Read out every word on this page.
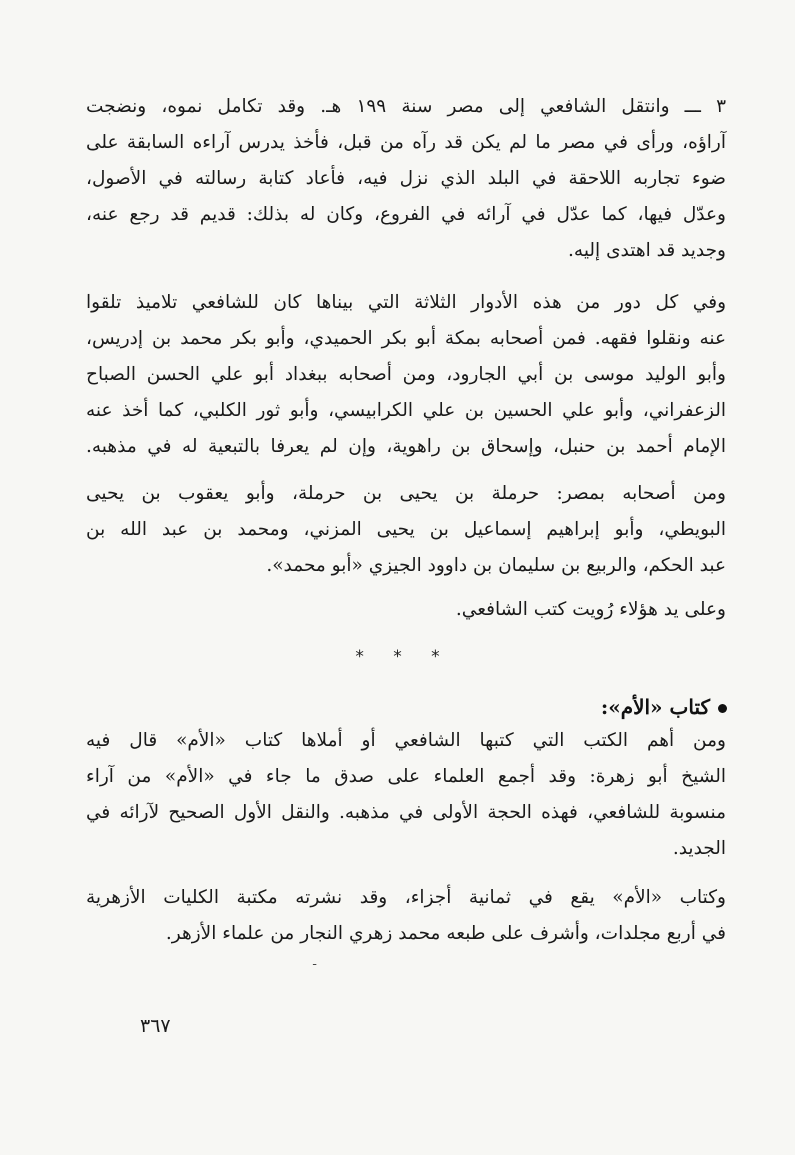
٣ ـــ وانتقل الشافعي إلى مصر سنة ١٩٩ هـ. وقد تكامل نموه، ونضجت
آراؤه، ورأى في مصر ما لم يكن قد رآه من قبل، فأخذ يدرس آراءه السابقة على
ضوء تجاربه اللاحقة في البلد الذي نزل فيه، فأعاد كتابة رسالته في الأصول،
وعدّل فيها، كما عدّل في آرائه في الفروع، وكان له بذلك: قديم قد رجع عنه،
وجديد قد اهتدى إليه.
وفي كل دور من هذه الأدوار الثلاثة التي بيناها كان للشافعي تلاميذ تلقوا
عنه ونقلوا فقهه. فمن أصحابه بمكة أبو بكر الحميدي، وأبو بكر محمد بن إدريس،
وأبو الوليد موسى بن أبي الجارود، ومن أصحابه ببغداد أبو علي الحسن الصباح
الزعفراني، وأبو علي الحسين بن علي الكرابيسي، وأبو ثور الكلبي، كما أخذ عنه
الإمام أحمد بن حنبل، وإسحاق بن راهوية، وإن لم يعرفا بالتبعية له في مذهبه.
ومن أصحابه بمصر: حرملة بن يحيى بن حرملة، وأبو يعقوب بن يحيى
البويطي، وأبو إبراهيم إسماعيل بن يحيى المزني، ومحمد بن عبد الله بن
عبد الحكم، والربيع بن سليمان بن داوود الجيزي «أبو محمد».
وعلى يد هؤلاء رُويت كتب الشافعي.
* * *
كتاب «الأم»:
ومن أهم الكتب التي كتبها الشافعي أو أملاها كتاب «الأم» قال فيه
الشيخ أبو زهرة: وقد أجمع العلماء على صدق ما جاء في «الأم» من آراء
منسوبة للشافعي، فهذه الحجة الأولى في مذهبه. والنقل الأول الصحيح لآرائه في
الجديد.
وكتاب «الأم» يقع في ثمانية أجزاء، وقد نشرته مكتبة الكليات الأزهرية
في أربع مجلدات، وأشرف على طبعه محمد زهري النجار من علماء الأزهر.
ـ
٣٦٧
